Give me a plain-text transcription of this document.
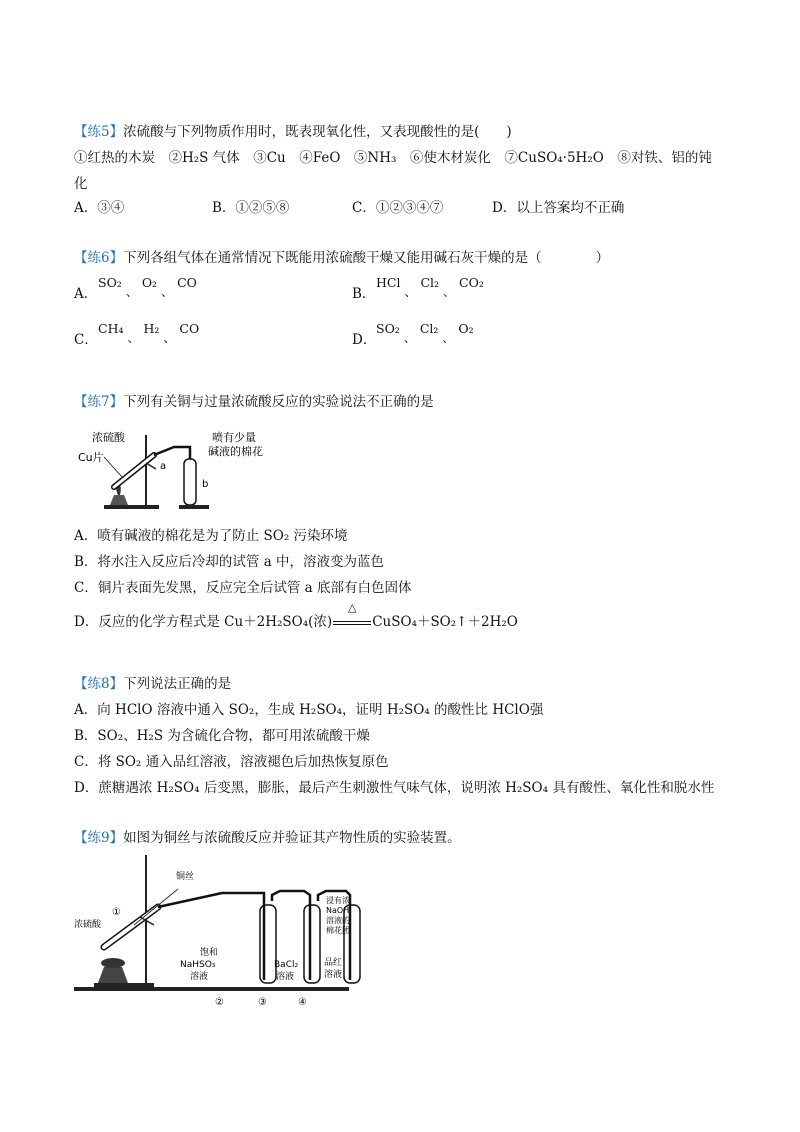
【练5】浓硫酸与下列物质作用时，既表现氧化性，又表现酸性的是(　　)
①红热的木炭　②H₂S 气体　③Cu　④FeO　⑤NH₃　⑥使木材炭化　⑦CuSO₄·5H₂O　⑧对铁、铝的钝
化
A．③④	B．①②⑤⑧	C．①②③④⑦	D．以上答案均不正确
【练6】下列各组气体在通常情况下既能用浓硫酸干燥又能用碱石灰干燥的是（　　　　）
A．
SO₂ 、 O₂ 、 CO
B．
HCl 、 Cl₂ 、 CO₂
C．
CH₄ 、 H₂ 、 CO
D．
SO₂ 、 Cl₂ 、 O₂
【练7】下列有关铜与过量浓硫酸反应的实验说法不正确的是
浓硫酸
Cu片
喷有少量
碱液的棉花
a
b
A．喷有碱液的棉花是为了防止 SO₂ 污染环境
B．将水注入反应后冷却的试管 a 中，溶液变为蓝色
C．铜片表面先发黑，反应完全后试管 a 底部有白色固体
D．反应的化学方程式是 Cu＋2H₂SO₄(浓)
△
CuSO₄＋SO₂↑＋2H₂O
【练8】下列说法正确的是
A．向 HClO 溶液中通入 SO₂，生成 H₂SO₄，证明 H₂SO₄ 的酸性比 HClO强
B．SO₂、H₂S 为含硫化合物，都可用浓硫酸干燥
C．将 SO₂ 通入品红溶液，溶液褪色后加热恢复原色
D．蔗糖遇浓 H₂SO₄ 后变黑，膨胀，最后产生刺激性气味气体，说明浓 H₂SO₄ 具有酸性、氧化性和脱水性
【练9】如图为铜丝与浓硫酸反应并验证其产物性质的实验装置。
铜丝
浓硫酸
①
饱和
NaHSO₃
溶液
BaCl₂
溶液
品红
溶液
浸有浓
NaOH
溶液的
棉花团
②	③	④
